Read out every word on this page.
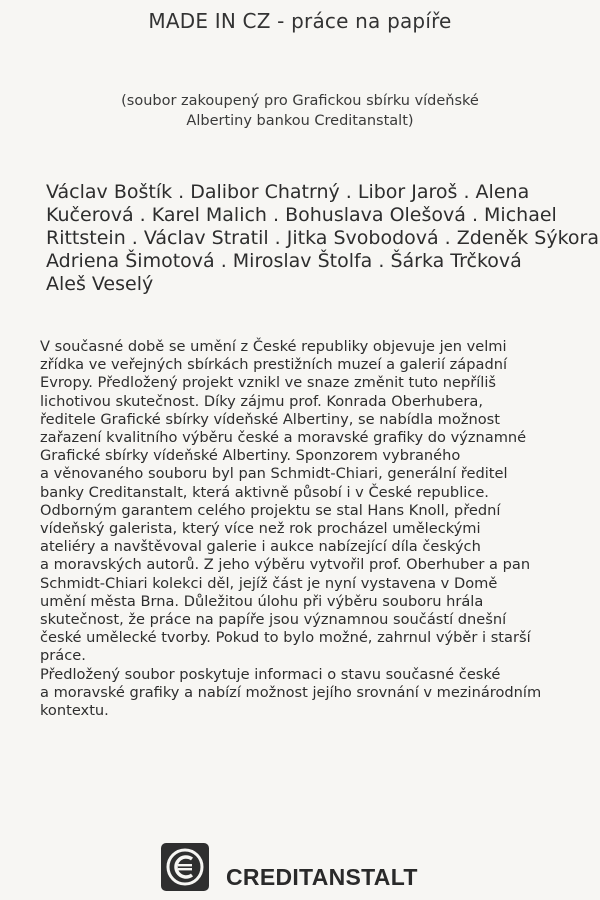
MADE IN CZ - práce na papíře
(soubor zakoupený pro Grafickou sbírku vídeňské
Albertiny bankou Creditanstalt)
Václav Boštík . Dalibor Chatrný . Libor Jaroš . Alena
Kučerová . Karel Malich . Bohuslava Olešová . Michael
Rittstein . Václav Stratil . Jitka Svobodová . Zdeněk Sýkora
Adriena Šimotová . Miroslav Štolfa . Šárka Trčková
Aleš Veselý
V současné době se umění z České republiky objevuje jen velmi
zřídka ve veřejných sbírkách prestižních muzeí a galerií západní
Evropy. Předložený projekt vznikl ve snaze změnit tuto nepříliš
lichotivou skutečnost. Díky zájmu prof. Konrada Oberhubera,
ředitele Grafické sbírky vídeňské Albertiny, se nabídla možnost
zařazení kvalitního výběru české a moravské grafiky do významné
Grafické sbírky vídeňské Albertiny. Sponzorem vybraného
a věnovaného souboru byl pan Schmidt-Chiari, generální ředitel
banky Creditanstalt, která aktivně působí i v České republice.
Odborným garantem celého projektu se stal Hans Knoll, přední
vídeňský galerista, který více než rok procházel uměleckými
ateliéry a navštěvoval galerie i aukce nabízející díla českých
a moravských autorů. Z jeho výběru vytvořil prof. Oberhuber a pan
Schmidt-Chiari kolekci děl, jejíž část je nyní vystavena v Domě
umění města Brna. Důležitou úlohu při výběru souboru hrála
skutečnost, že práce na papíře jsou významnou součástí dnešní
české umělecké tvorby. Pokud to bylo možné, zahrnul výběr i starší
práce.
Předložený soubor poskytuje informaci o stavu současné české
a moravské grafiky a nabízí možnost jejího srovnání v mezinárodním
kontextu.
CREDITANSTALT
